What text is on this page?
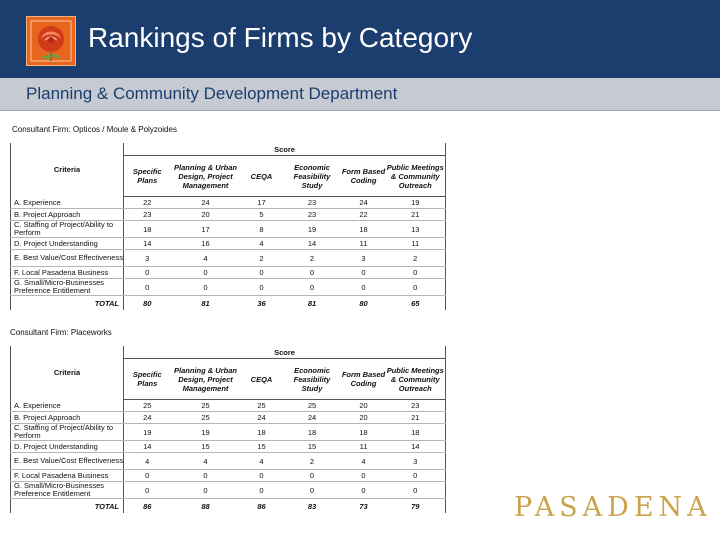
Rankings of Firms by Category
Planning & Community Development Department
Consultant Firm: Opticos / Moule & Polyzoides
Criteria	Score					
	Specific Plans	Planning & Urban Design, Project Management	CEQA	Economic Feasibility Study	Form Based Coding	Public Meetings & Community Outreach
A. Experience	22	24	17	23	24	19
B. Project Approach	23	20	5	23	22	21
C. Staffing of Project/Ability to Perform	18	17	8	19	18	13
D. Project Understanding	14	16	4	14	11	11
E. Best Value/Cost Effectiveness	3	4	2	2	3	2
F. Local Pasadena Business	0	0	0	0	0	0
G. Small/Micro-Businesses Preference Entitlement	0	0	0	0	0	0
TOTAL	80	81	36	81	80	65
Consultant Firm: Placeworks
Criteria	Score					
	Specific Plans	Planning & Urban Design, Project Management	CEQA	Economic Feasibility Study	Form Based Coding	Public Meetings & Community Outreach
A. Experience	25	25	25	25	20	23
B. Project Approach	24	25	24	24	20	21
C. Staffing of Project/Ability to Perform	19	19	18	18	18	18
D. Project Understanding	14	15	15	15	11	14
E. Best Value/Cost Effectiveness	4	4	4	2	4	3
F. Local Pasadena Business	0	0	0	0	0	0
G. Small/Micro-Businesses Preference Entitlement	0	0	0	0	0	0
TOTAL	86	88	86	83	73	79	PASADENA
